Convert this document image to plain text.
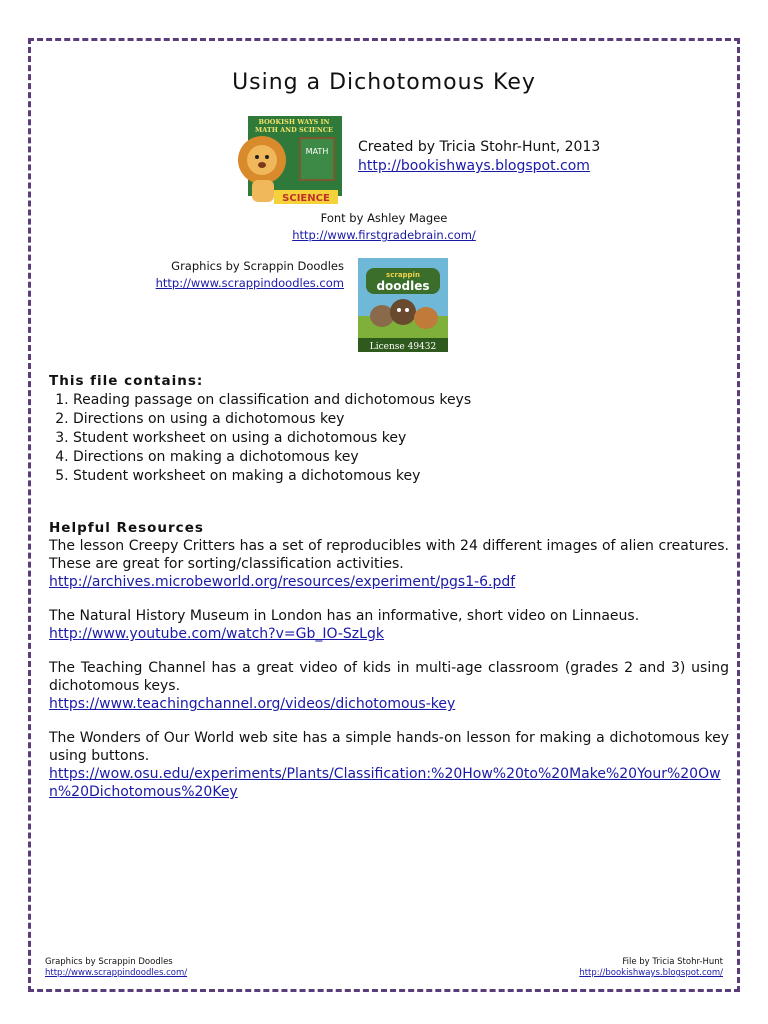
Using a Dichotomous Key
BOOKISH WAYS IN
MATH AND SCIENCE
MATH
SCIENCE
Created by Tricia Stohr-Hunt, 2013
http://bookishways.blogspot.com
Font by Ashley Magee
http://www.firstgradebrain.com/
Graphics by Scrappin Doodles
http://www.scrappindoodles.com
scrappin
doodles
License 49432
This file contains:
1. Reading passage on classification and dichotomous keys
2. Directions on using a dichotomous key
3. Student worksheet on using a dichotomous key
4. Directions on making a dichotomous key
5. Student worksheet on making a dichotomous key
Helpful Resources

The lesson Creepy Critters has a set of reproducibles with 24 different images of alien creatures. These are great for sorting/classification activities.
http://archives.microbeworld.org/resources/experiment/pgs1-6.pdf

The Natural History Museum in London has an informative, short video on Linnaeus.
http://www.youtube.com/watch?v=Gb_IO-SzLgk

The Teaching Channel has a great video of kids in multi-age classroom (grades 2 and 3) using dichotomous keys.
https://www.teachingchannel.org/videos/dichotomous-key

The Wonders of Our World web site has a simple hands-on lesson for making a dichotomous key using buttons.
https://wow.osu.edu/experiments/Plants/Classification:%20How%20to%20Make%20Your%20Own%20Dichotomous%20Key

Graphics by Scrappin Doodles
http://www.scrappindoodles.com/
File by Tricia Stohr-Hunt
http://bookishways.blogspot.com/
